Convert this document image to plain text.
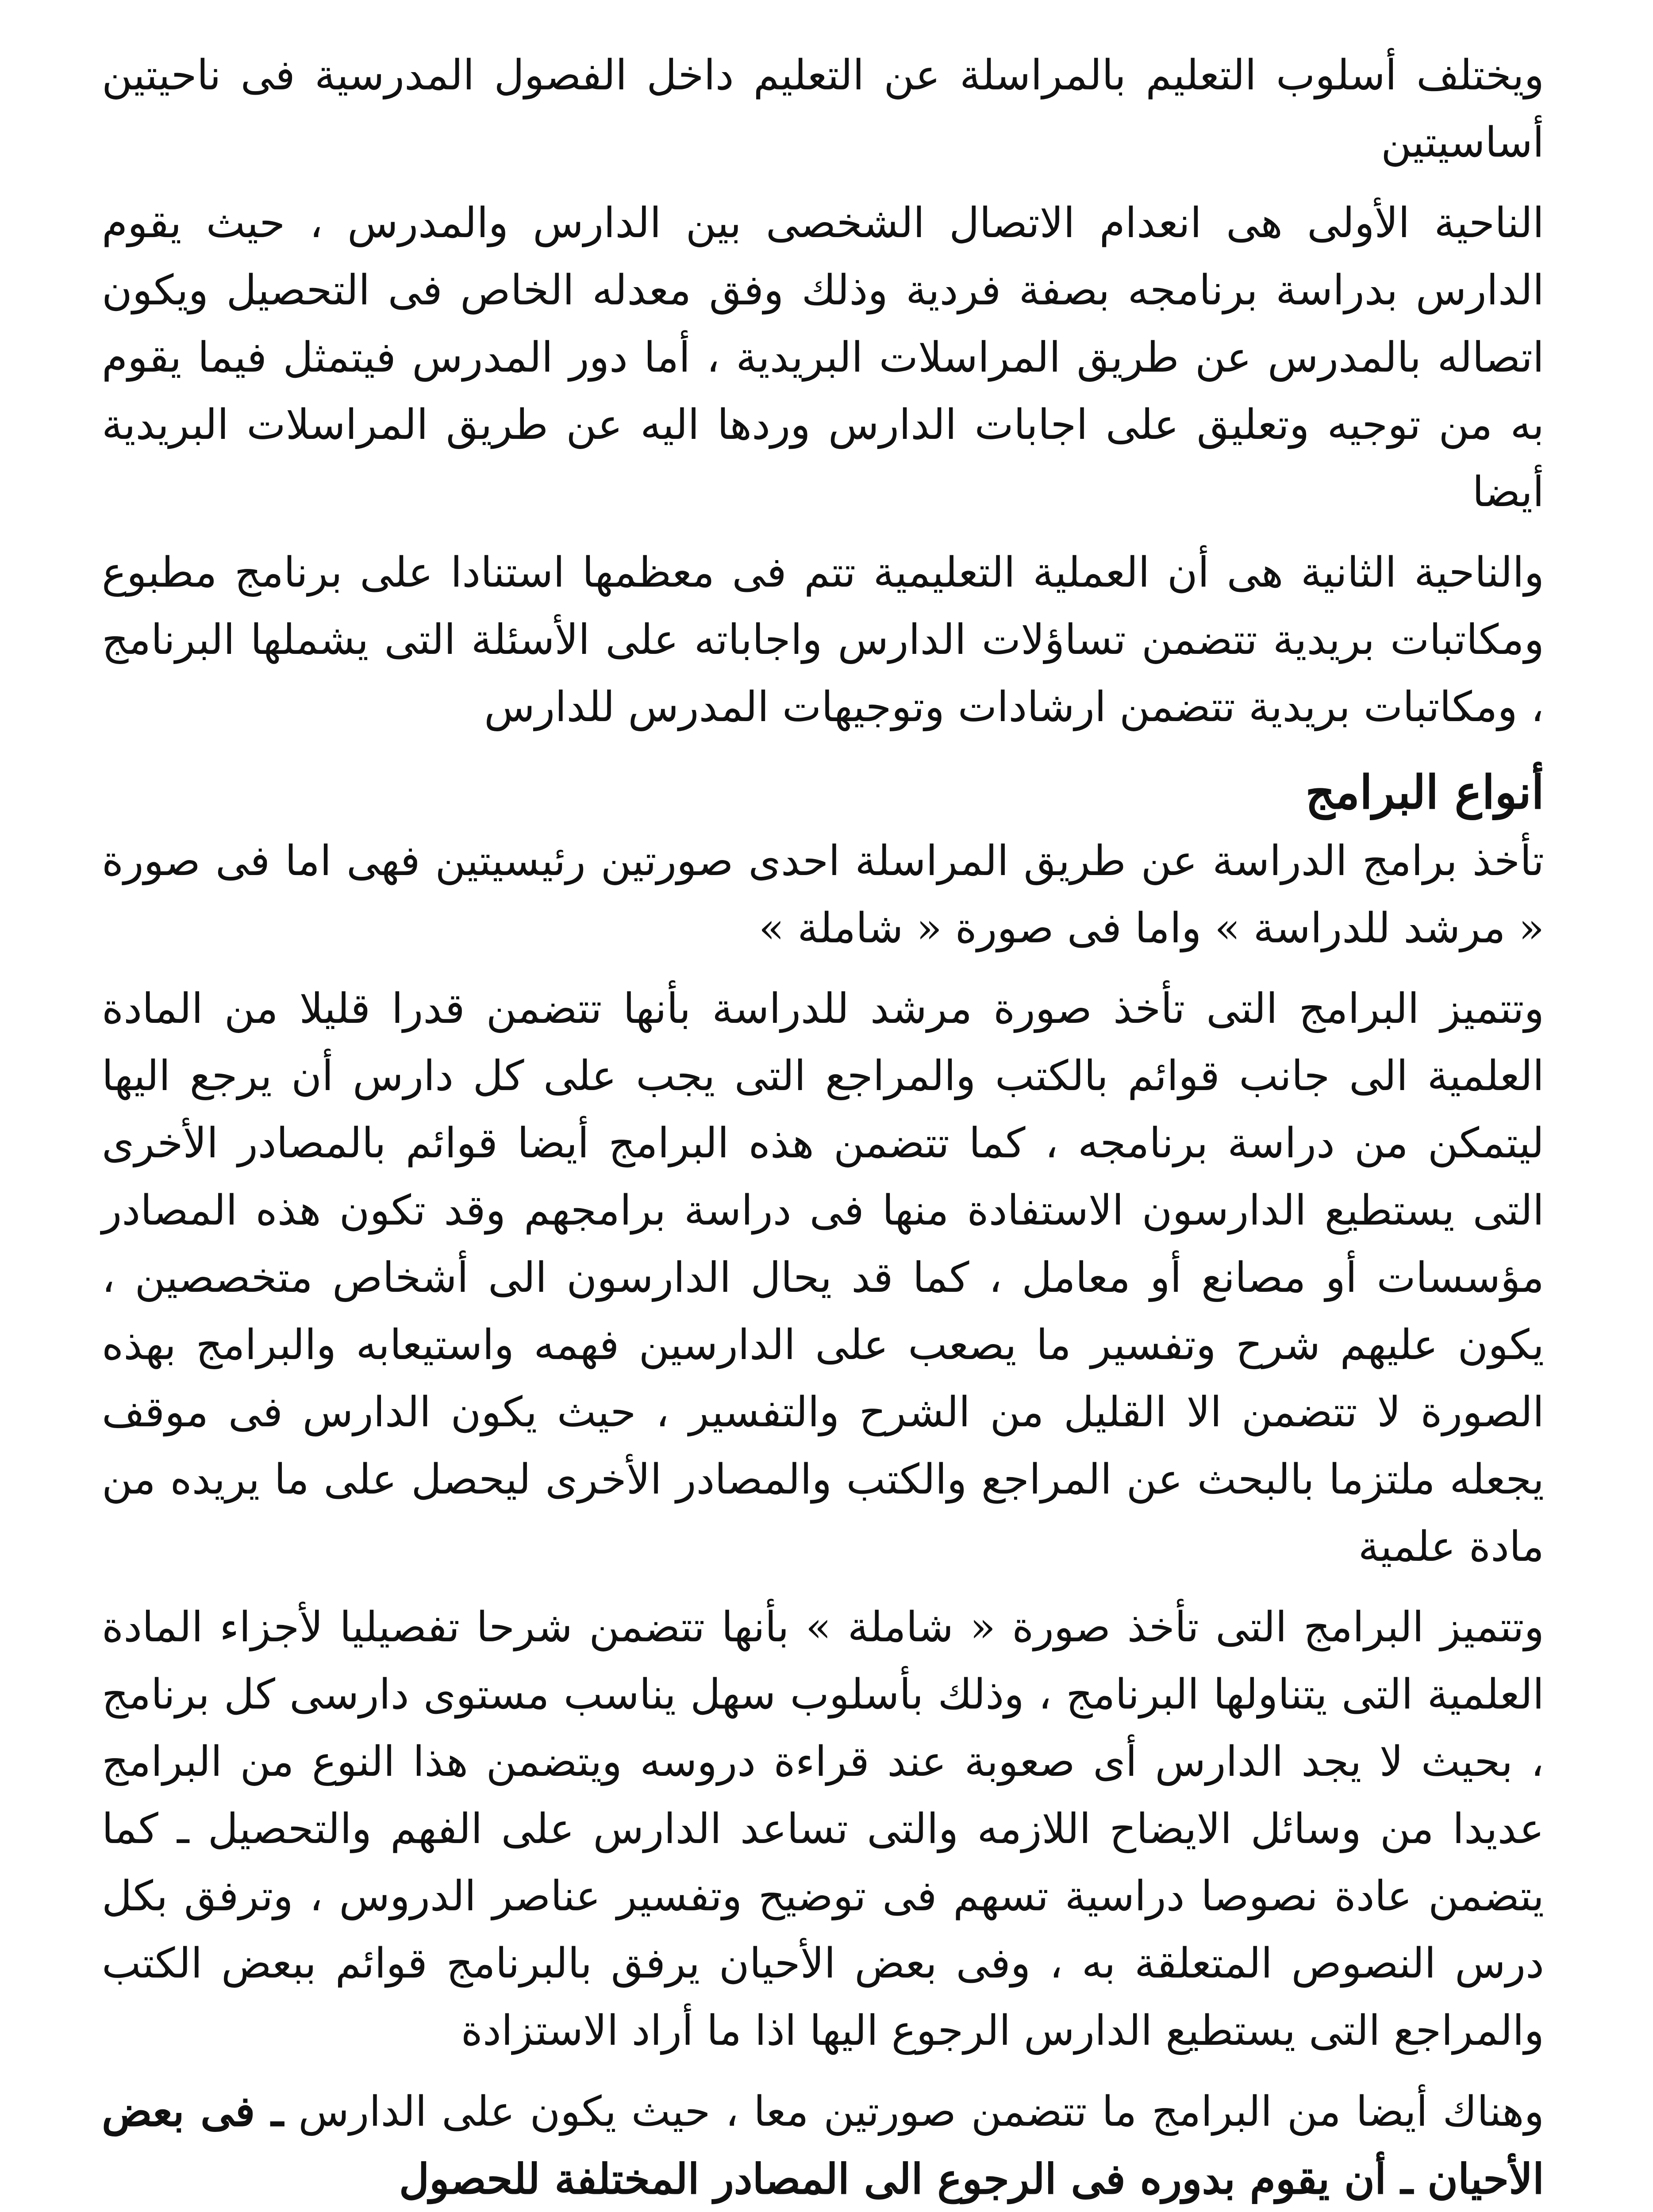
ويختلف أسلوب التعليم بالمراسلة عن التعليم داخل الفصول المدرسية فى ناحيتين أساسيتين

الناحية الأولى هى انعدام الاتصال الشخصى بين الدارس والمدرس ، حيث يقوم الدارس بدراسة برنامجه بصفة فردية وذلك وفق معدله الخاص فى التحصيل ويكون اتصاله بالمدرس عن طريق المراسلات البريدية ، أما دور المدرس فيتمثل فيما يقوم به من توجيه وتعليق على اجابات الدارس وردها اليه عن طريق المراسلات البريدية أيضا

والناحية الثانية هى أن العملية التعليمية تتم فى معظمها استنادا على برنامج مطبوع ومكاتبات بريدية تتضمن تساؤلات الدارس واجاباته على الأسئلة التى يشملها البرنامج ، ومكاتبات بريدية تتضمن ارشادات وتوجيهات المدرس للدارس

أنواع البرامج

تأخذ برامج الدراسة عن طريق المراسلة احدى صورتين رئيسيتين فهى اما فى صورة « مرشد للدراسة » واما فى صورة « شاملة »

وتتميز البرامج التى تأخذ صورة مرشد للدراسة بأنها تتضمن قدرا قليلا من المادة العلمية الى جانب قوائم بالكتب والمراجع التى يجب على كل دارس أن يرجع اليها ليتمكن من دراسة برنامجه ، كما تتضمن هذه البرامج أيضا قوائم بالمصادر الأخرى التى يستطيع الدارسون الاستفادة منها فى دراسة برامجهم وقد تكون هذه المصادر مؤسسات أو مصانع أو معامل ، كما قد يحال الدارسون الى أشخاص متخصصين ، يكون عليهم شرح وتفسير ما يصعب على الدارسين فهمه واستيعابه والبرامج بهذه الصورة لا تتضمن الا القليل من الشرح والتفسير ، حيث يكون الدارس فى موقف يجعله ملتزما بالبحث عن المراجع والكتب والمصادر الأخرى ليحصل على ما يريده من مادة علمية

وتتميز البرامج التى تأخذ صورة « شاملة » بأنها تتضمن شرحا تفصيليا لأجزاء المادة العلمية التى يتناولها البرنامج ، وذلك بأسلوب سهل يناسب مستوى دارسى كل برنامج ، بحيث لا يجد الدارس أى صعوبة عند قراءة دروسه ويتضمن هذا النوع من البرامج عديدا من وسائل الايضاح اللازمه والتى تساعد الدارس على الفهم والتحصيل ـ كما يتضمن عادة نصوصا دراسية تسهم فى توضيح وتفسير عناصر الدروس ، وترفق بكل درس النصوص المتعلقة به ، وفى بعض الأحيان يرفق بالبرنامج قوائم ببعض الكتب والمراجع التى يستطيع الدارس الرجوع اليها اذا ما أراد الاستزادة

وهناك أيضا من البرامج ما تتضمن صورتين معا ، حيث يكون على الدارس ـ فى بعض الأحيان ـ أن يقوم بدوره فى الرجوع الى المصادر المختلفة للحصول
